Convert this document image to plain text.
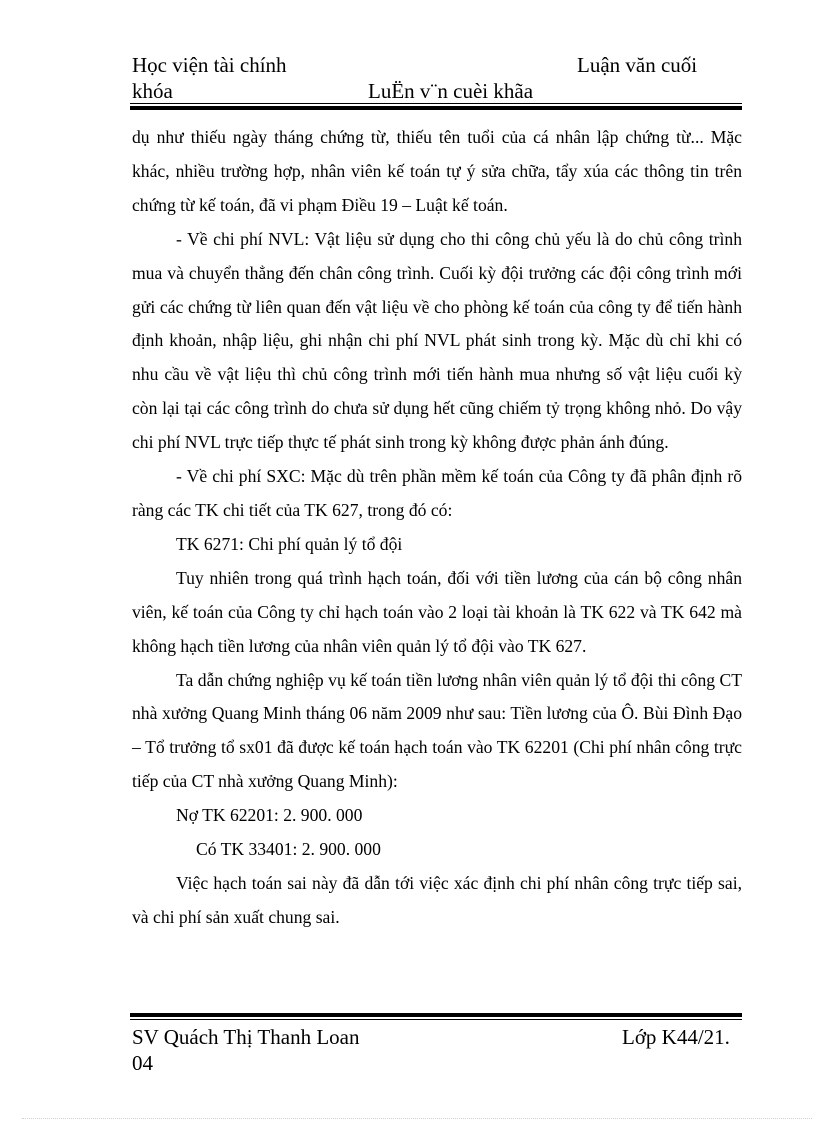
Học viện tài chính	Luận văn cuối
khóa	LuËn v¨n cuèi khãa

dụ như thiếu ngày tháng chứng từ, thiếu tên tuổi của cá nhân lập chứng từ... Mặc khác, nhiều trường hợp, nhân viên kế toán tự ý sửa chữa, tẩy xúa các thông tin trên chứng từ kế toán, đã vi phạm Điều 19 – Luật kế toán.

- Về chi phí NVL: Vật liệu sử dụng cho thi công chủ yếu là do chủ công trình mua và chuyển thẳng đến chân công trình. Cuối kỳ đội trưởng các đội công trình mới gửi các chứng từ liên quan đến vật liệu về cho phòng kế toán của công ty để tiến hành định khoản, nhập liệu, ghi nhận chi phí NVL phát sinh trong kỳ. Mặc dù chỉ khi có nhu cầu về vật liệu thì chủ công trình mới tiến hành mua nhưng số vật liệu cuối kỳ còn lại tại các công trình do chưa sử dụng hết cũng chiếm tỷ trọng không nhỏ. Do vậy chi phí NVL trực tiếp thực tế phát sinh trong kỳ không được phản ánh đúng.

- Về chi phí SXC: Mặc dù trên phần mềm kế toán của Công ty đã phân định rõ ràng các TK chi tiết của TK 627, trong đó có:

TK 6271: Chi phí quản lý tổ đội

Tuy nhiên trong quá trình hạch toán, đối với tiền lương của cán bộ công nhân viên, kế toán của Công ty chỉ hạch toán vào 2 loại tài khoản là TK 622 và TK 642 mà không hạch tiền lương của nhân viên quản lý tổ đội vào TK 627.

Ta dẫn chứng nghiệp vụ kế toán tiền lương nhân viên quản lý tổ đội thi công CT nhà xưởng Quang Minh tháng 06 năm 2009 như sau: Tiền lương của Ô. Bùi Đình Đạo – Tổ trưởng tổ sx01 đã được kế toán hạch toán vào TK 62201 (Chi phí nhân công trực tiếp của CT nhà xưởng Quang Minh):

Nợ TK 62201: 2. 900. 000

Có TK 33401: 2. 900. 000

Việc hạch toán sai này đã dẫn tới việc xác định chi phí nhân công trực tiếp sai, và chi phí sản xuất chung sai.

SV Quách Thị Thanh Loan	Lớp K44/21.
04
